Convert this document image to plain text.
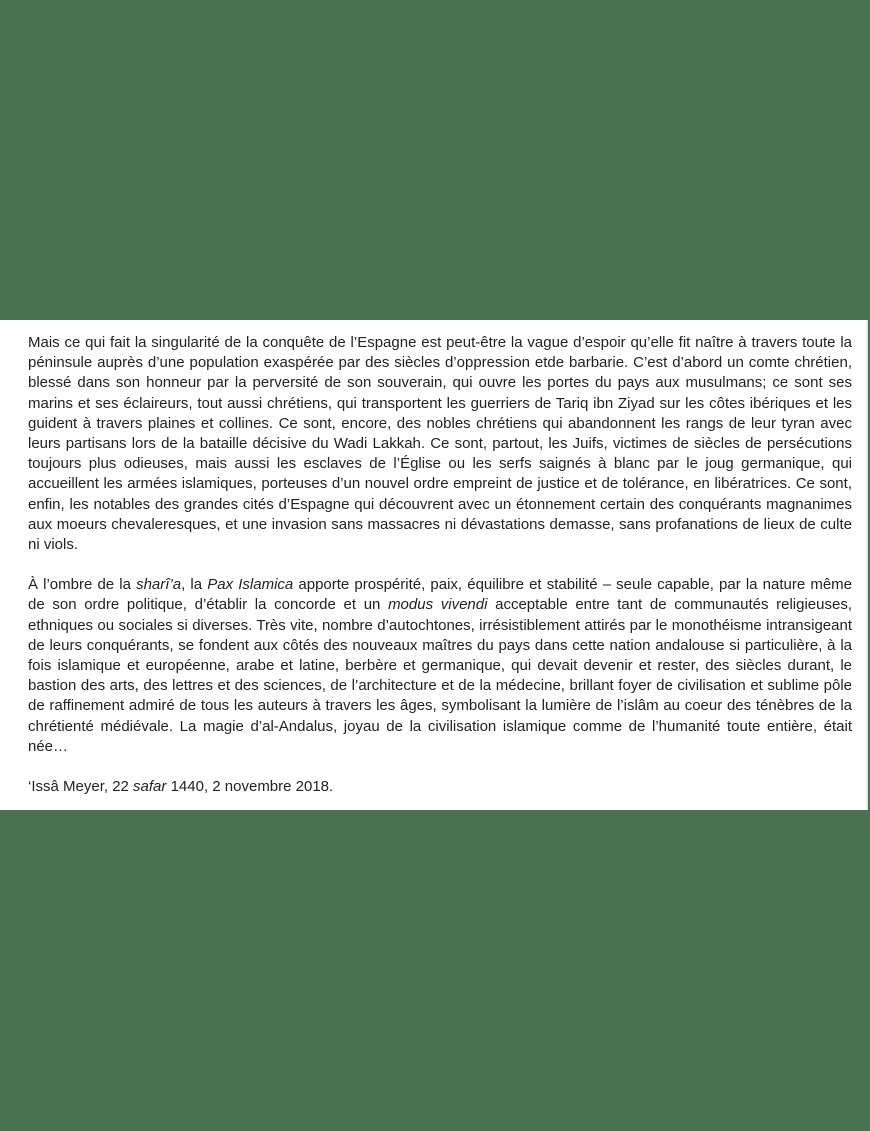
Mais ce qui fait la singularité de la conquête de l’Espagne est peut-être la vague d’espoir qu’elle fit naître à travers toute la péninsule auprès d’une population exaspérée par des siècles d’oppression etde barbarie. C’est d’abord un comte chrétien, blessé dans son honneur par la perversité de son souverain, qui ouvre les portes du pays aux musulmans; ce sont ses marins et ses éclaireurs, tout aussi chrétiens, qui transportent les guerriers de Tariq ibn Ziyad sur les côtes ibériques et les guident à travers plaines et collines. Ce sont, encore, des nobles chrétiens qui abandonnent les rangs de leur tyran avec leurs partisans lors de la bataille décisive du Wadi Lakkah. Ce sont, partout, les Juifs, victimes de siècles de persécutions toujours plus odieuses, mais aussi les esclaves de l’Église ou les serfs saignés à blanc par le joug germanique, qui accueillent les armées islamiques, porteuses d’un nouvel ordre empreint de justice et de tolérance, en libératrices. Ce sont, enfin, les notables des grandes cités d’Espagne qui découvrent avec un étonnement certain des conquérants magnanimes aux moeurs chevaleresques, et une invasion sans massacres ni dévastations demasse, sans profanations de lieux de culte ni viols.

À l’ombre de la sharî’a, la Pax Islamica apporte prospérité, paix, équilibre et stabilité – seule capable, par la nature même de son ordre politique, d’établir la concorde et un modus vivendi acceptable entre tant de communautés religieuses, ethniques ou sociales si diverses. Très vite, nombre d’autochtones, irrésistiblement attirés par le monothéisme intransigeant de leurs conquérants, se fondent aux côtés des nouveaux maîtres du pays dans cette nation andalouse si particulière, à la fois islamique et européenne, arabe et latine, berbère et germanique, qui devait devenir et rester, des siècles durant, le bastion des arts, des lettres et des sciences, de l’architecture et de la médecine, brillant foyer de civilisation et sublime pôle de raffinement admiré de tous les auteurs à travers les âges, symbolisant la lumière de l’islâm au coeur des ténèbres de la chrétienté médiévale. La magie d’al-Andalus, joyau de la civilisation islamique comme de l’humanité toute entière, était née…

‘Issâ Meyer, 22 safar 1440, 2 novembre 2018.
